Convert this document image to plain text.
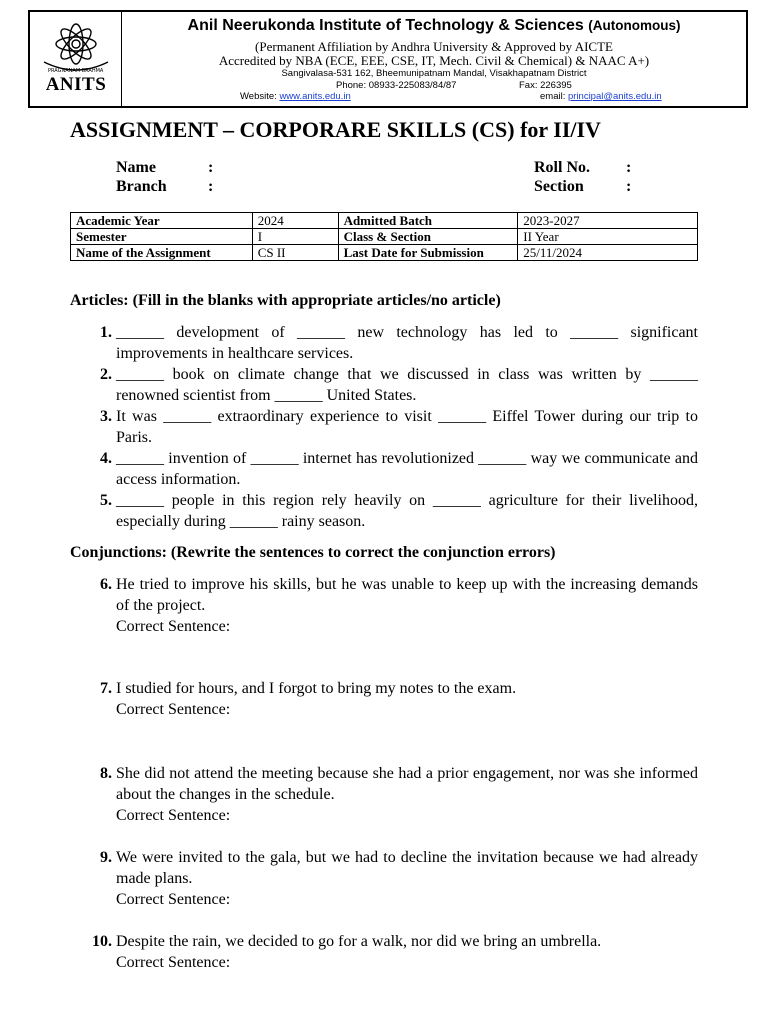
PRAGNANAM BRAHMA
ANITS
Anil Neerukonda Institute of Technology & Sciences (Autonomous)
(Permanent Affiliation by Andhra University & Approved by AICTE
Accredited by NBA (ECE, EEE, CSE, IT, Mech. Civil & Chemical) & NAAC A+)
Sangivalasa-531 162, Bheemunipatnam Mandal, Visakhapatnam District
Phone: 08933-225083/84/87	Fax: 226395
Website: www.anits.edu.in	email: principal@anits.edu.in
ASSIGNMENT – CORPORARE SKILLS (CS) for II/IV
Name	:
Branch	:
Roll No. :
Section	:
Academic Year	2024	Admitted Batch	2023-2027
Semester	I	Class & Section	II Year
Name of the Assignment	CS II	Last Date for Submission	25/11/2024
Articles: (Fill in the blanks with appropriate articles/no article)
1. ______ development of ______ new technology has led to ______ significant improvements in healthcare services.
2. ______ book on climate change that we discussed in class was written by ______ renowned scientist from ______ United States.
3. It was ______ extraordinary experience to visit ______ Eiffel Tower during our trip to Paris.
4. ______ invention of ______ internet has revolutionized ______ way we communicate and access information.
5. ______ people in this region rely heavily on ______ agriculture for their livelihood, especially during ______ rainy season.
Conjunctions: (Rewrite the sentences to correct the conjunction errors)
6. He tried to improve his skills, but he was unable to keep up with the increasing demands of the project.
Correct Sentence:
7. I studied for hours, and I forgot to bring my notes to the exam.
Correct Sentence:
8. She did not attend the meeting because she had a prior engagement, nor was she informed about the changes in the schedule.
Correct Sentence:
9. We were invited to the gala, but we had to decline the invitation because we had already made plans.
Correct Sentence:
10. Despite the rain, we decided to go for a walk, nor did we bring an umbrella.
Correct Sentence:
